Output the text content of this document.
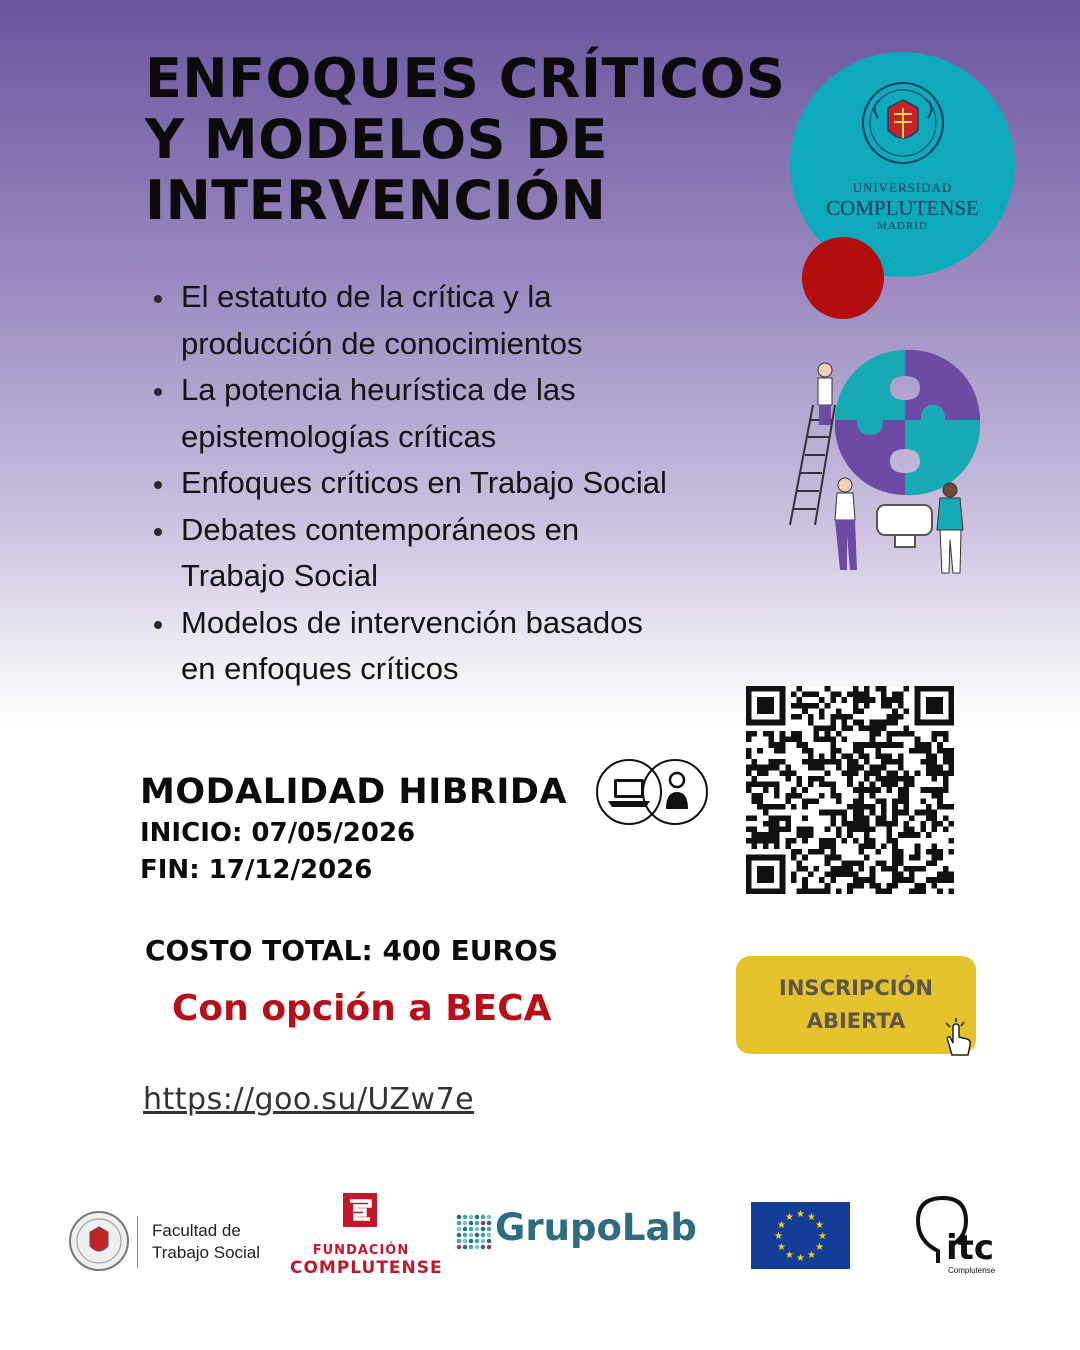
ENFOQUES CRÍTICOS
Y MODELOS DE
INTERVENCIÓN
El estatuto de la crítica y la
producción de conocimientos
La potencia heurística de las
epistemologías críticas
Enfoques críticos en Trabajo Social
Debates contemporáneos en
Trabajo Social
Modelos de intervención basados
en enfoques críticos
UNIVERSIDAD
COMPLUTENSE
MADRID
MODALIDAD HIBRIDA
INICIO: 07/05/2026
FIN: 17/12/2026
COSTO TOTAL: 400 EUROS
Con opción a BECA	INSCRIPCIÓN
ABIERTA
https://goo.su/UZw7e
Facultad de
Trabajo Social	FUNDACIÓN
COMPLUTENSE
GrupoLab	★ ★
★
★
★
★
★
★
★
★
★
★
itc
Complutense
